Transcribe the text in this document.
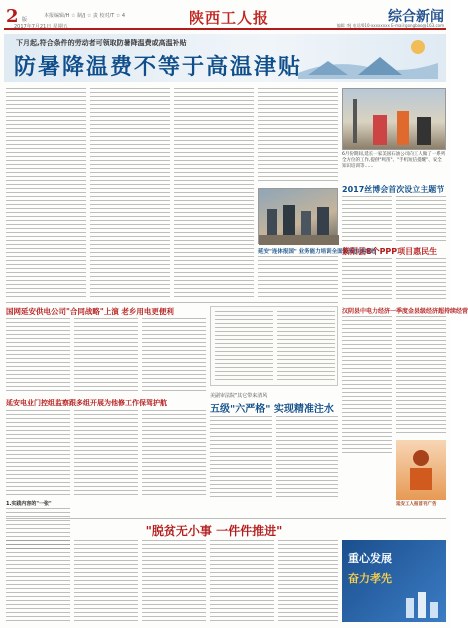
2 版
本报编辑/H ☆ 制/J ☆ 责 校对/T ☆ 4
2017年7月21日 星期五	陕西工人报	综合新闻
编辑 李J 电话/010-xxxxxxxx E-mail:gongbao@163.com
下月起,符合条件的劳动者可领取防暑降温费或高温补贴
防暑降温费不等于高温津贴
延安"连体报国" 业务能力培训全面实施加速推进
6月份期间,延长一家美国石油公司向工人做了一系列全方位的工作,提供"鸣笛"、"手机短信提醒"、安全知识培训等……
国网延安供电公司"合同战略"上演 老乡用电更便利
延安电业门控组监察跟多组开展为他修工作保驾护航
1.实践内容的"一张"
美副审法院"其它带来清风
五级"六严格" 实现精准注水
2017丝博会首次设立主题节
紫阳县8个PPP项目惠民生
汉阴县中电力经济一季度金县级经济超持续经营
延安工人报首刊广告
"脱贫无小事 一件件推进"
重心发展
奋力孝先
